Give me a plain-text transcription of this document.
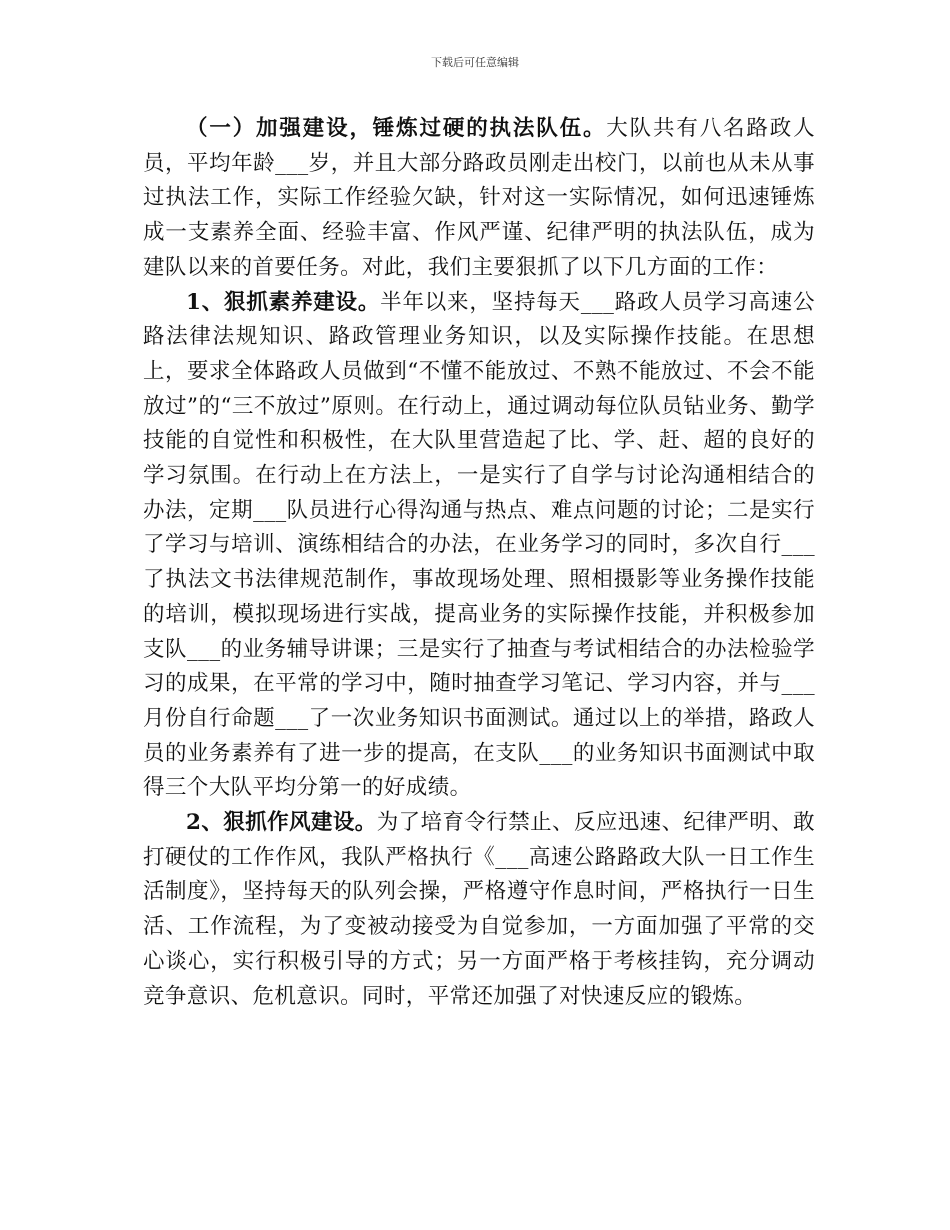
下载后可任意编辑

（一）加强建设，锤炼过硬的执法队伍。大队共有八名路政人员，平均年龄___岁，并且大部分路政员刚走出校门，以前也从未从事过执法工作，实际工作经验欠缺，针对这一实际情况，如何迅速锤炼成一支素养全面、经验丰富、作风严谨、纪律严明的执法队伍，成为建队以来的首要任务。对此，我们主要狠抓了以下几方面的工作：

1、狠抓素养建设。半年以来，坚持每天___路政人员学习高速公路法律法规知识、路政管理业务知识，以及实际操作技能。在思想上，要求全体路政人员做到“不懂不能放过、不熟不能放过、不会不能放过”的“三不放过”原则。在行动上，通过调动每位队员钻业务、勤学技能的自觉性和积极性，在大队里营造起了比、学、赶、超的良好的学习氛围。在行动上在方法上，一是实行了自学与讨论沟通相结合的办法，定期___队员进行心得沟通与热点、难点问题的讨论；二是实行了学习与培训、演练相结合的办法，在业务学习的同时，多次自行___了执法文书法律规范制作，事故现场处理、照相摄影等业务操作技能的培训，模拟现场进行实战，提高业务的实际操作技能，并积极参加支队___的业务辅导讲课；三是实行了抽查与考试相结合的办法检验学习的成果，在平常的学习中，随时抽查学习笔记、学习内容，并与___月份自行命题___了一次业务知识书面测试。通过以上的举措，路政人员的业务素养有了进一步的提高，在支队___的业务知识书面测试中取得三个大队平均分第一的好成绩。

2、狠抓作风建设。为了培育令行禁止、反应迅速、纪律严明、敢打硬仗的工作作风，我队严格执行《___高速公路路政大队一日工作生活制度》，坚持每天的队列会操，严格遵守作息时间，严格执行一日生活、工作流程，为了变被动接受为自觉参加，一方面加强了平常的交心谈心，实行积极引导的方式；另一方面严格于考核挂钩，充分调动竞争意识、危机意识。同时，平常还加强了对快速反应的锻炼。
